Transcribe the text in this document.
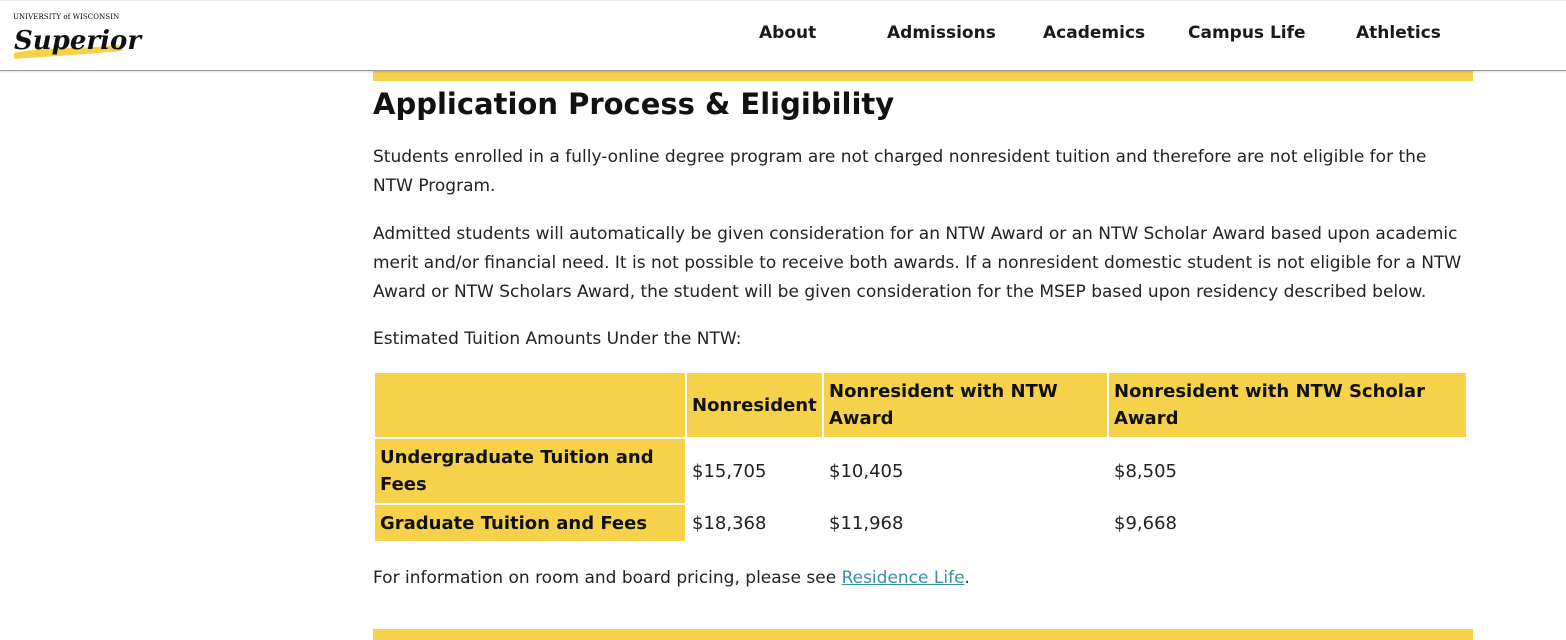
UNIVERSITY of WISCONSIN
Superior	About	Admissions	Academics	Campus Life	Athletics
Application Process & Eligibility

Students enrolled in a fully-online degree program are not charged nonresident tuition and therefore are not eligible for the NTW Program.

Admitted students will automatically be given consideration for an NTW Award or an NTW Scholar Award based upon academic merit and/or financial need. It is not possible to receive both awards. If a nonresident domestic student is not eligible for a NTW Award or NTW Scholars Award, the student will be given consideration for the MSEP based upon residency described below.

Estimated Tuition Amounts Under the NTW:

	Nonresident	Nonresident with NTW Award	Nonresident with NTW Scholar Award
Undergraduate Tuition and Fees	$15,705	$10,405	$8,505
Graduate Tuition and Fees	$18,368	$11,968	$9,668

For information on room and board pricing, please see Residence Life.
